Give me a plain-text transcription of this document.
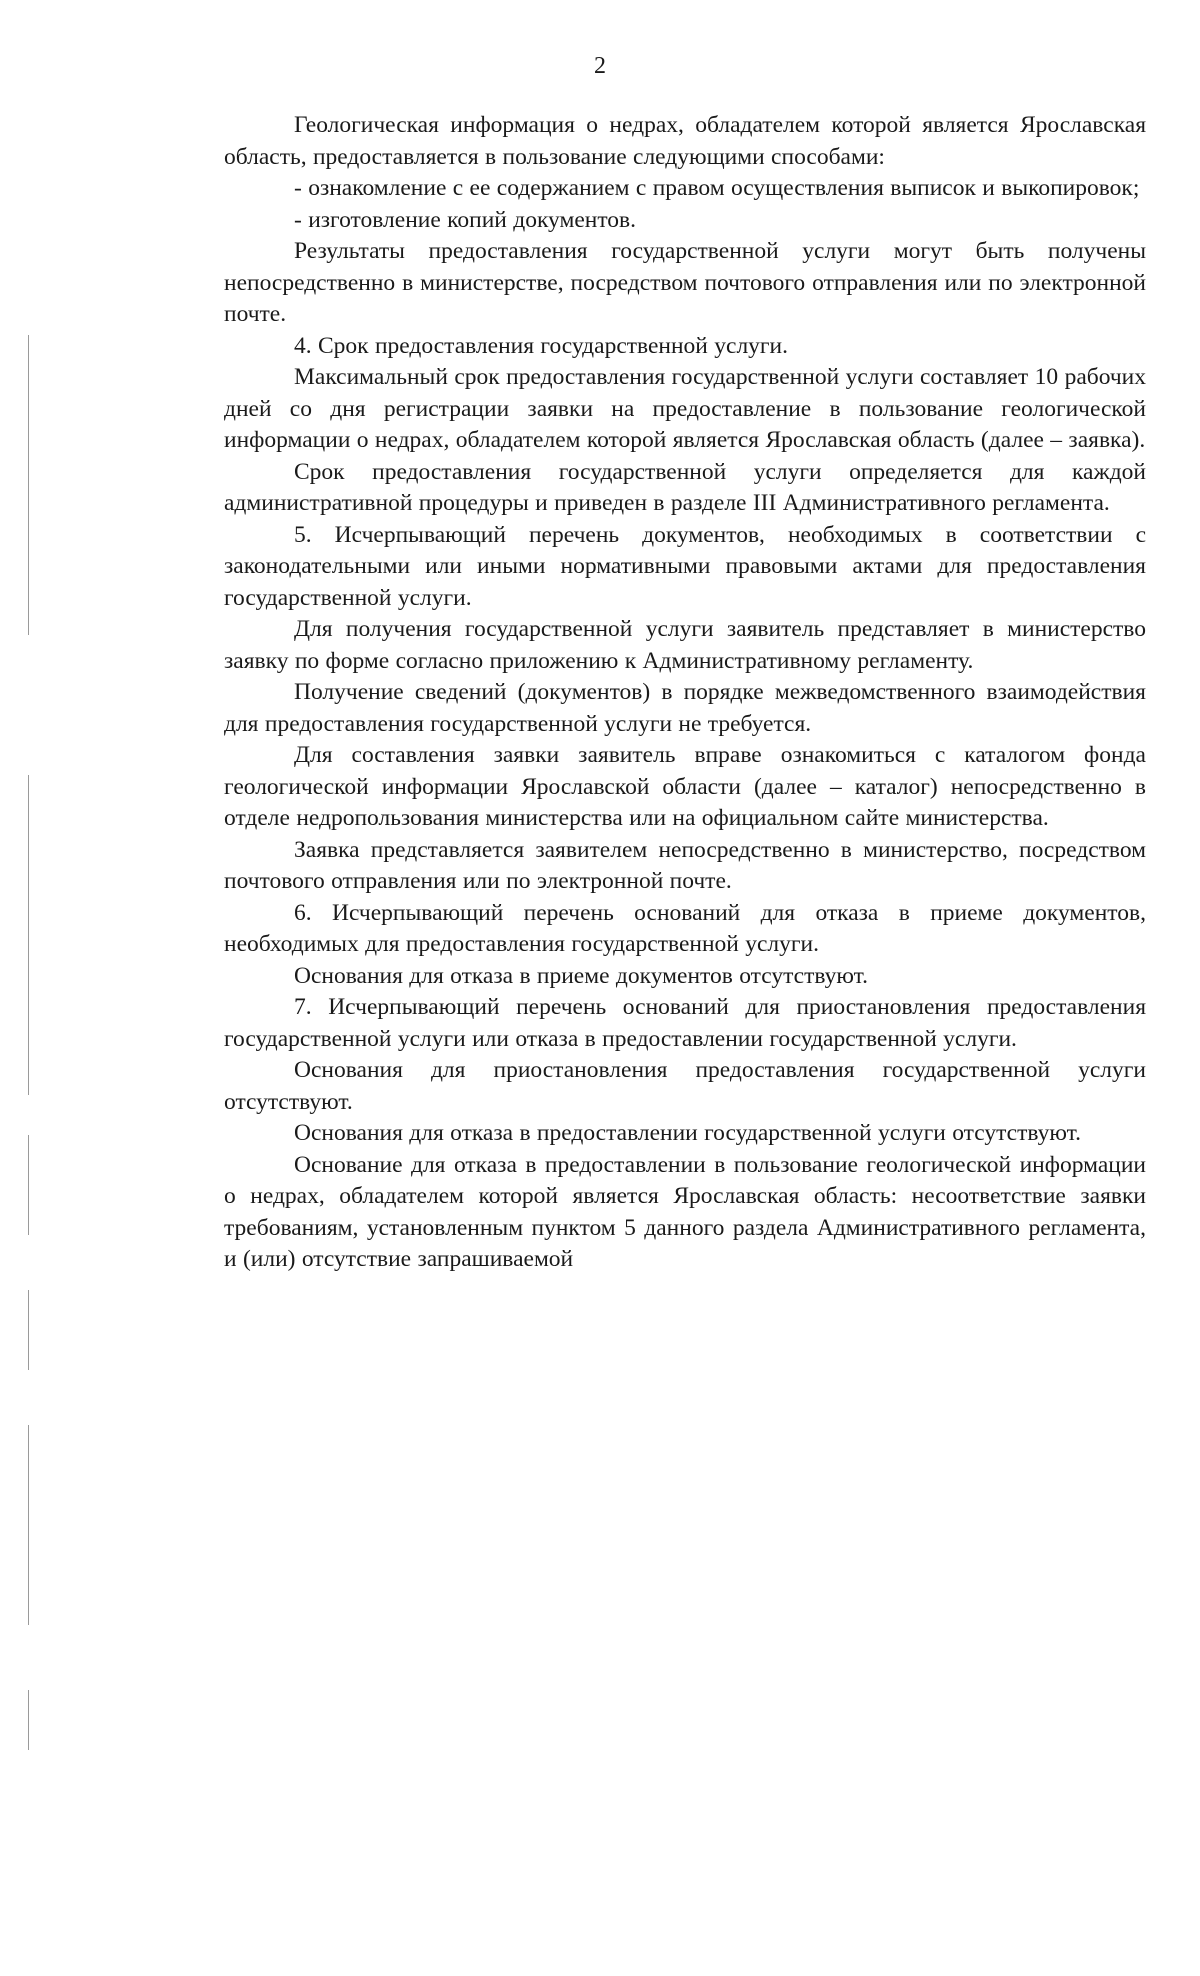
2

Геологическая информация о недрах, обладателем которой является Ярославская область, предоставляется в пользование следующими способами:

- ознакомление с ее содержанием с правом осуществления выписок и выкопировок;

- изготовление копий документов.

Результаты предоставления государственной услуги могут быть получены непосредственно в министерстве, посредством почтового отправления или по электронной почте.

4. Срок предоставления государственной услуги.

Максимальный срок предоставления государственной услуги составляет 10 рабочих дней со дня регистрации заявки на предоставление в пользование геологической информации о недрах, обладателем которой является Ярославская область (далее – заявка).

Срок предоставления государственной услуги определяется для каждой административной процедуры и приведен в разделе III Административного регламента.

5. Исчерпывающий перечень документов, необходимых в соответствии с законодательными или иными нормативными правовыми актами для предоставления государственной услуги.

Для получения государственной услуги заявитель представляет в министерство заявку по форме согласно приложению к Административному регламенту.

Получение сведений (документов) в порядке межведомственного взаимодействия для предоставления государственной услуги не требуется.

Для составления заявки заявитель вправе ознакомиться с каталогом фонда геологической информации Ярославской области (далее – каталог) непосредственно в отделе недропользования министерства или на официальном сайте министерства.

Заявка представляется заявителем непосредственно в министерство, посредством почтового отправления или по электронной почте.

6. Исчерпывающий перечень оснований для отказа в приеме документов, необходимых для предоставления государственной услуги.

Основания для отказа в приеме документов отсутствуют.

7. Исчерпывающий перечень оснований для приостановления предоставления государственной услуги или отказа в предоставлении государственной услуги.

Основания для приостановления предоставления государственной услуги отсутствуют.

Основания для отказа в предоставлении государственной услуги отсутствуют.

Основание для отказа в предоставлении в пользование геологической информации о недрах, обладателем которой является Ярославская область: несоответствие заявки требованиям, установленным пунктом 5 данного раздела Административного регламента, и (или) отсутствие запрашиваемой
